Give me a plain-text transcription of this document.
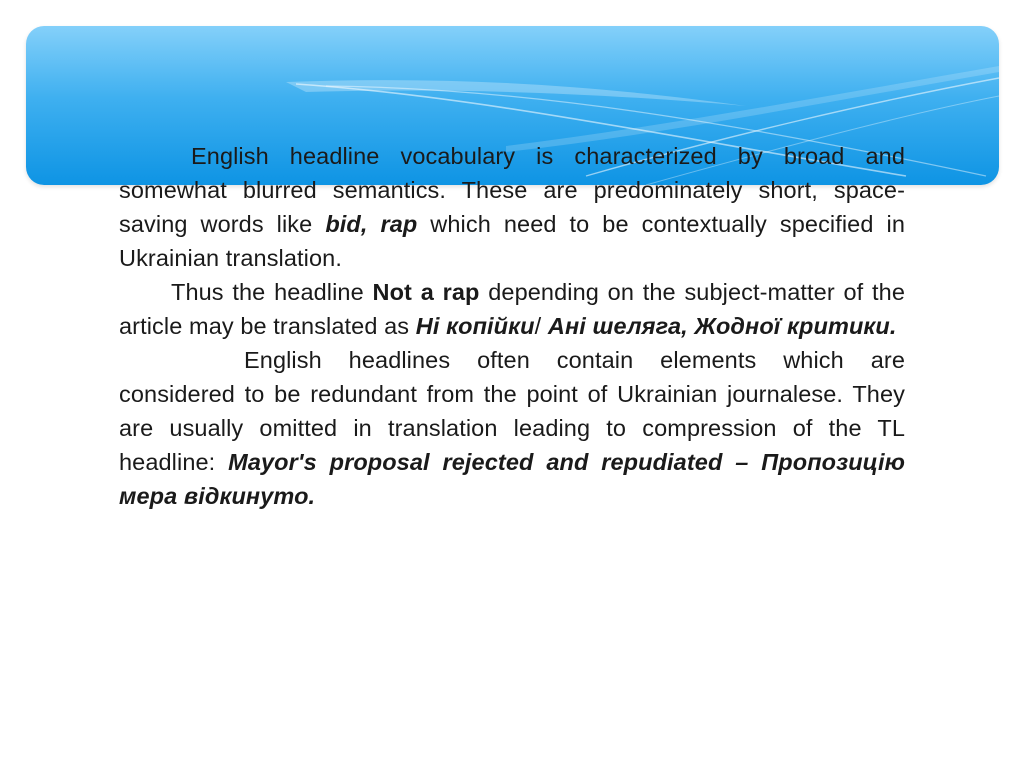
English headline vocabulary is characterized by broad and somewhat blurred semantics. These are predominately short, space-saving words like bid, rap which need to be contextually specified in Ukrainian translation.

Thus the headline Not a rap depending on the subject-matter of the article may be translated as Ні копійки/ Ані шеляга, Жодної критики.

English headlines often contain elements which are considered to be redundant from the point of Ukrainian journalese. They are usually omitted in translation leading to compression of the TL headline: Mayor's proposal rejected and repudiated – Пропозицію мера відкинуто.
